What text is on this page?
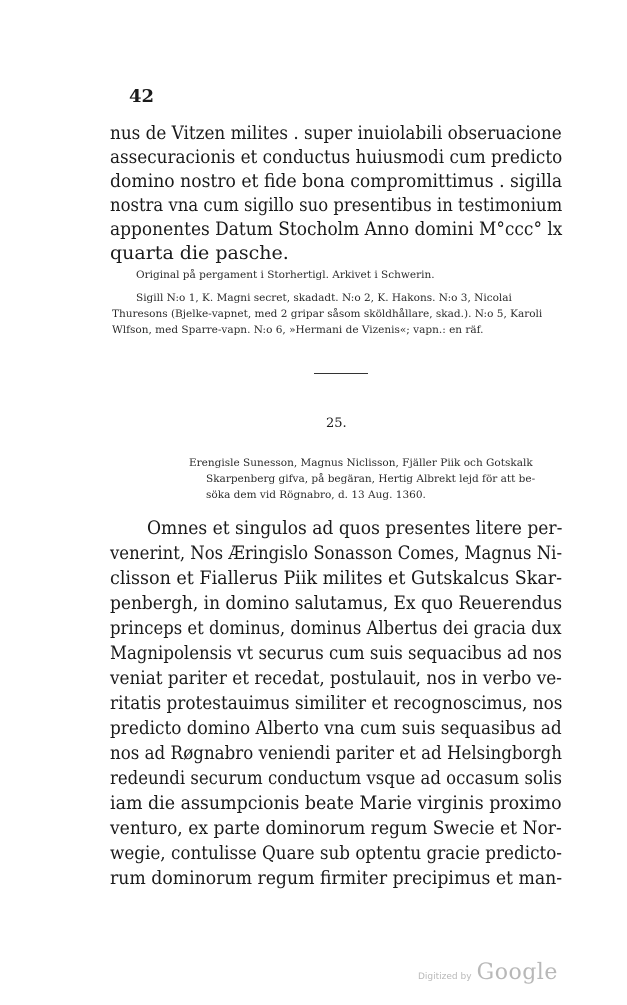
42
nus de Vitzen milites . super inuiolabili obseruacione
assecuracionis et conductus huiusmodi cum predicto
domino nostro et fide bona compromittimus . sigilla
nostra vna cum sigillo suo presentibus in testimonium
apponentes Datum Stocholm Anno domini M°ccc° lx
quarta die pasche.
Original på pergament i Storhertigl. Arkivet i Schwerin.
Sigill N:o 1, K. Magni secret, skadadt. N:o 2, K. Hakons. N:o 3, Nicolai
Thuresons (Bjelke-vapnet, med 2 gripar såsom sköldhållare, skad.). N:o 5, Karoli
Wlfson, med Sparre-vapn. N:o 6, »Hermani de Vizenis«; vapn.: en räf.
25.
Erengisle Sunesson, Magnus Niclisson, Fjäller Piik och Gotskalk
Skarpenberg gifva, på begäran, Hertig Albrekt lejd för att be-
söka dem vid Rögnabro, d. 13 Aug. 1360.
Omnes et singulos ad quos presentes litere per-
venerint, Nos Æringislo Sonasson Comes, Magnus Ni-
clisson et Fiallerus Piik milites et Gutskalcus Skar-
penbergh, in domino salutamus, Ex quo Reuerendus
princeps et dominus, dominus Albertus dei gracia dux
Magnipolensis vt securus cum suis sequacibus ad nos
veniat pariter et recedat, postulauit, nos in verbo ve-
ritatis protestauimus similiter et recognoscimus, nos
predicto domino Alberto vna cum suis sequasibus ad
nos ad Røgnabro veniendi pariter et ad Helsingborgh
redeundi securum conductum vsque ad occasum solis
iam die assumpcionis beate Marie virginis proximo
venturo, ex parte dominorum regum Swecie et Nor-
wegie, contulisse Quare sub optentu gracie predicto-
rum dominorum regum firmiter precipimus et man-
Digitized by Google
